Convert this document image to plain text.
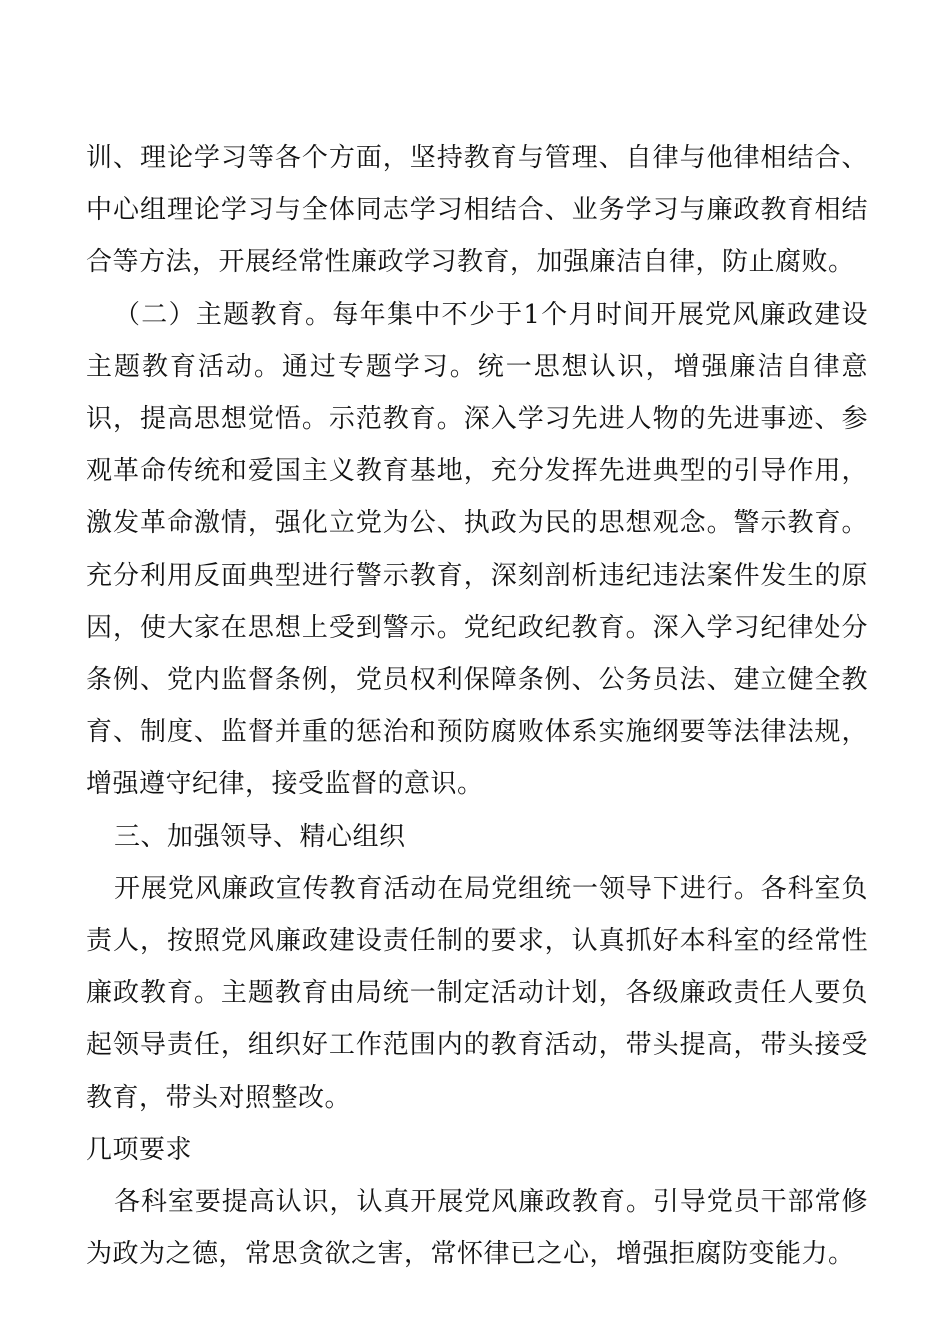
训、理论学习等各个方面，坚持教育与管理、自律与他律相结合、中心组理论学习与全体同志学习相结合、业务学习与廉政教育相结合等方法，开展经常性廉政学习教育，加强廉洁自律，防止腐败。

（二）主题教育。每年集中不少于1个月时间开展党风廉政建设主题教育活动。通过专题学习。统一思想认识，增强廉洁自律意识，提高思想觉悟。示范教育。深入学习先进人物的先进事迹、参观革命传统和爱国主义教育基地，充分发挥先进典型的引导作用，激发革命激情，强化立党为公、执政为民的思想观念。警示教育。充分利用反面典型进行警示教育，深刻剖析违纪违法案件发生的原因，使大家在思想上受到警示。党纪政纪教育。深入学习纪律处分条例、党内监督条例，党员权利保障条例、公务员法、建立健全教育、制度、监督并重的惩治和预防腐败体系实施纲要等法律法规，增强遵守纪律，接受监督的意识。

三、加强领导、精心组织

开展党风廉政宣传教育活动在局党组统一领导下进行。各科室负责人，按照党风廉政建设责任制的要求，认真抓好本科室的经常性廉政教育。主题教育由局统一制定活动计划，各级廉政责任人要负起领导责任，组织好工作范围内的教育活动，带头提高，带头接受教育，带头对照整改。

几项要求

各科室要提高认识，认真开展党风廉政教育。引导党员干部常修为政为之德，常思贪欲之害，常怀律已之心，增强拒腐防变能力。
